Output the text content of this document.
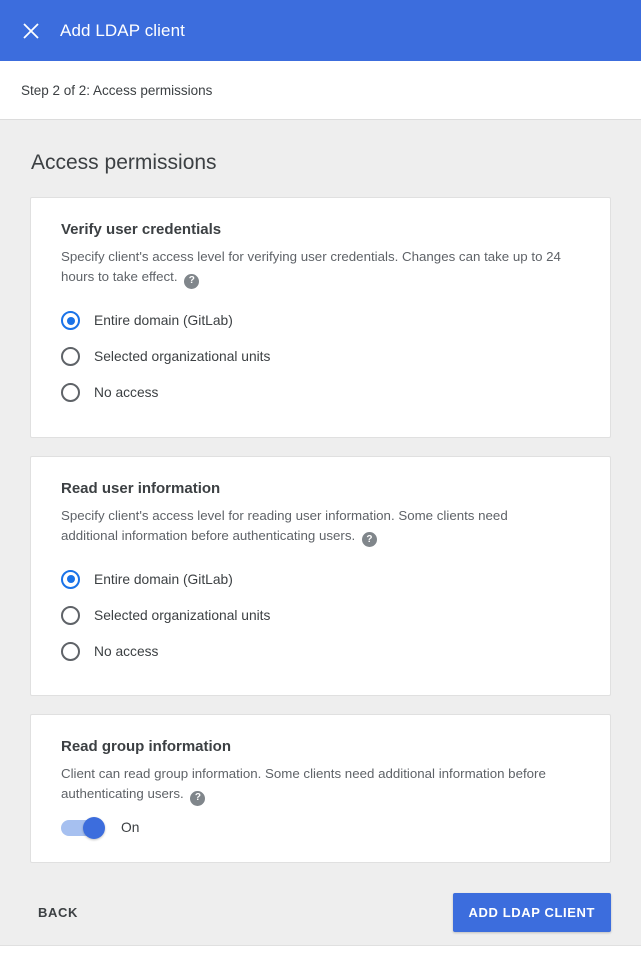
Add LDAP client
Step 2 of 2: Access permissions
Access permissions
Verify user credentials

Specify client's access level for verifying user credentials. Changes can take up to 24 hours to take effect. ?

Entire domain (GitLab)
Selected organizational units
No access
Read user information

Specify client's access level for reading user information. Some clients need additional information before authenticating users. ?

Entire domain (GitLab)
Selected organizational units
No access
Read group information

Client can read group information. Some clients need additional information before authenticating users. ?

On
BACK	ADD LDAP CLIENT
